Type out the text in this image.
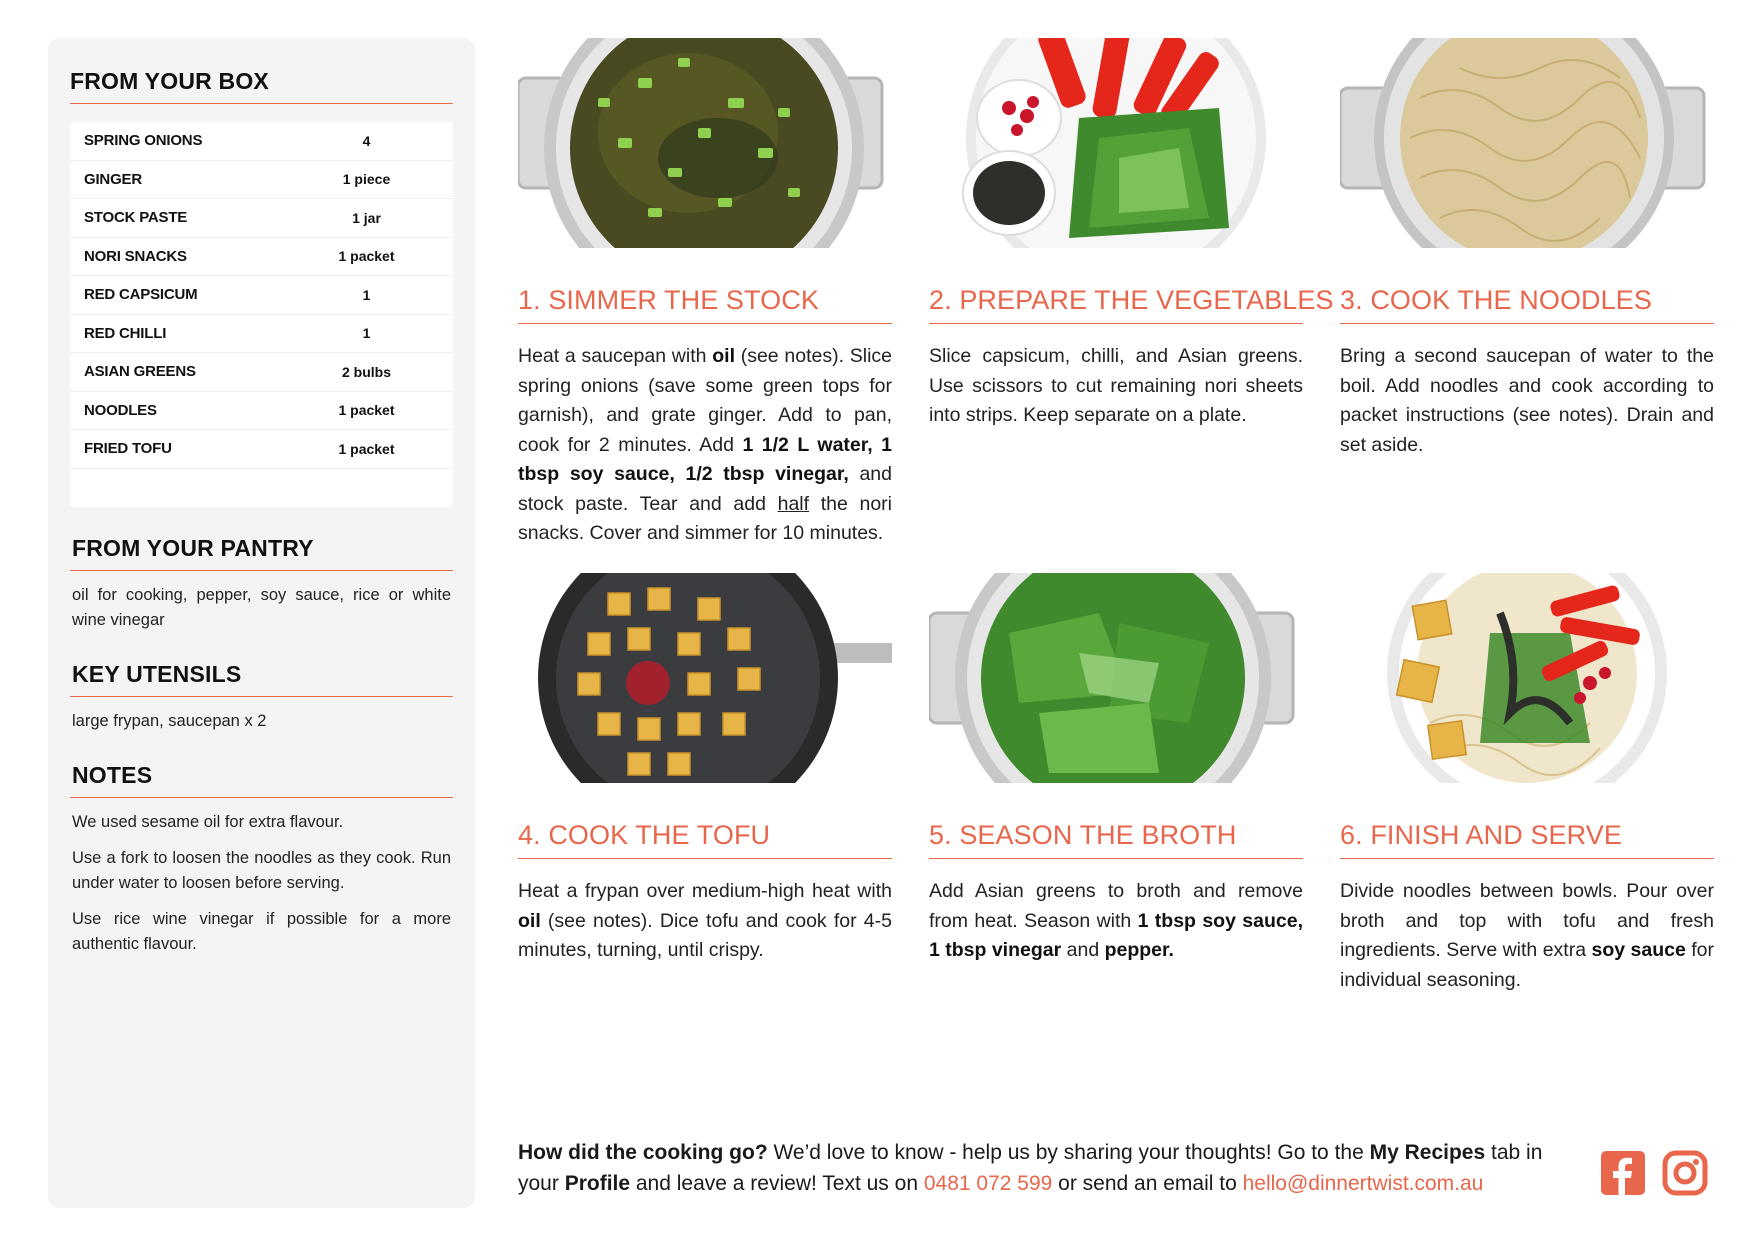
FROM YOUR BOX
SPRING ONIONS	4
GINGER	1 piece
STOCK PASTE	1 jar
NORI SNACKS	1 packet
RED CAPSICUM	1
RED CHILLI	1
ASIAN GREENS	2 bulbs
NOODLES	1 packet
FRIED TOFU	1 packet
FROM YOUR PANTRY
oil for cooking, pepper, soy sauce, rice or white wine vinegar
KEY UTENSILS
large frypan, saucepan x 2
NOTES

We used sesame oil for extra flavour.

Use a fork to loosen the noodles as they cook. Run under water to loosen before serving.

Use rice wine vinegar if possible for a more authentic flavour.

1. SIMMER THE STOCK
Heat a saucepan with oil (see notes). Slice spring onions (save some green tops for garnish), and grate ginger. Add to pan, cook for 2 minutes. Add 1 1/2 L water, 1 tbsp soy sauce, 1/2 tbsp vinegar, and stock paste. Tear and add half the nori snacks. Cover and simmer for 10 minutes.
2. PREPARE THE VEGETABLES
Slice capsicum, chilli, and Asian greens. Use scissors to cut remaining nori sheets into strips. Keep separate on a plate.
3. COOK THE NOODLES
Bring a second saucepan of water to the boil. Add noodles and cook according to packet instructions (see notes). Drain and set aside.
4. COOK THE TOFU
Heat a frypan over medium-high heat with oil (see notes). Dice tofu and cook for 4-5 minutes, turning, until crispy.
5. SEASON THE BROTH
Add Asian greens to broth and remove from heat. Season with 1 tbsp soy sauce, 1 tbsp vinegar and pepper.
6. FINISH AND SERVE
Divide noodles between bowls. Pour over broth and top with tofu and fresh ingredients. Serve with extra soy sauce for individual seasoning.
How did the cooking go? We’d love to know - help us by sharing your thoughts! Go to the My Recipes tab in your Profile and leave a review! Text us on 0481 072 599 or send an email to hello@dinnertwist.com.au
